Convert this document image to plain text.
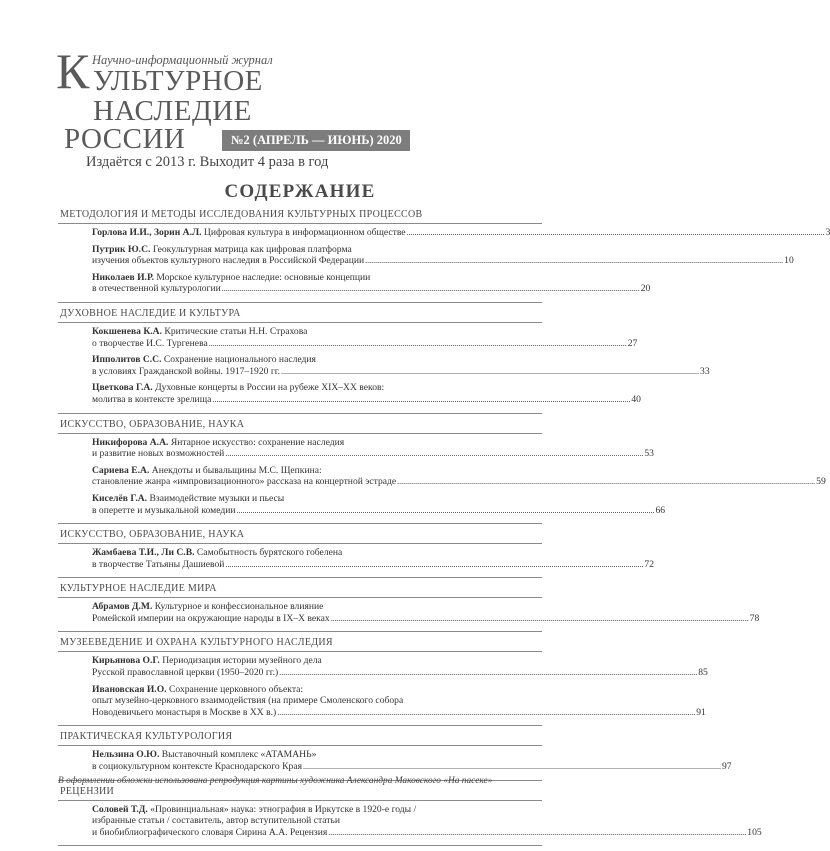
К Научно-информационный журнал
УЛЬТУРНОЕ
НАСЛЕДИЕ
РОССИИ	№2 (АПРЕЛЬ — ИЮНЬ) 2020
Издаётся с 2013 г. Выходит 4 раза в год
СОДЕРЖАНИЕ
МЕТОДОЛОГИЯ И МЕТОДЫ ИССЛЕДОВАНИЯ КУЛЬТУРНЫХ ПРОЦЕССОВ
Горлова И.И., Зорин А.Л. Цифровая культура в информационном обществе .....	3
Путрик Ю.С. Геокультурная матрица как цифровая платформа
изучения объектов культурного наследия в Российской Федерации .....	10
Николаев И.Р. Морское культурное наследие: основные концепции
в отечественной культурологии .....	20
ДУХОВНОЕ НАСЛЕДИЕ И КУЛЬТУРА
Кокшенева К.А. Критические статьи Н.Н. Страхова
о творчестве И.С. Тургенева .....	27
Ипполитов С.С. Сохранение национального наследия
в условиях Гражданской войны. 1917–1920 гг. .....	33
Цветкова Г.А. Духовные концерты в России на рубеже XIX–XX веков:
молитва в контексте зрелища .....	40
ИСКУССТВО, ОБРАЗОВАНИЕ, НАУКА
Никифорова А.А. Янтарное искусство: сохранение наследия
и развитие новых возможностей .....	53
Сариева Е.А. Анекдоты и бывальщины М.С. Щепкина:
становление жанра «импровизационного» рассказа на концертной эстраде .....	59
Киселёв Г.А. Взаимодействие музыки и пьесы
в оперетте и музыкальной комедии .....	66
ИСКУССТВО, ОБРАЗОВАНИЕ, НАУКА
Жамбаева Т.И., Ли С.В. Самобытность бурятского гобелена
в творчестве Татьяны Дашиевой .....	72
КУЛЬТУРНОЕ НАСЛЕДИЕ МИРА
Абрамов Д.М. Культурное и конфессиональное влияние
Ромейской империи на окружающие народы в IX–X веках .....	78
МУЗЕЕВЕДЕНИЕ И ОХРАНА КУЛЬТУРНОГО НАСЛЕДИЯ
Кирьянова О.Г. Периодизация истории музейного дела
Русской православной церкви (1950–2020 гг.) .....	85
Ивановская И.О. Сохранение церковного объекта:
опыт музейно-церковного взаимодействия (на примере Смоленского собора
Новодевичьего монастыря в Москве в XX в.) .....	91
ПРАКТИЧЕСКАЯ КУЛЬТУРОЛОГИЯ
Нельзина О.Ю. Выставочный комплекс «АТАМАНЬ»
в социокультурном контексте Краснодарского Края .....	97
РЕЦЕНЗИИ
Соловей Т.Д. «Провинциальная» наука: этнография в Иркутске в 1920-е годы /
избранные статьи / составитель, автор вступительной статьи
и биобиблиографического словаря Сирина А.А. Рецензия .....	105
В оформлении обложки использована репродукция картины художника Александра Маковского «На пасеке»
